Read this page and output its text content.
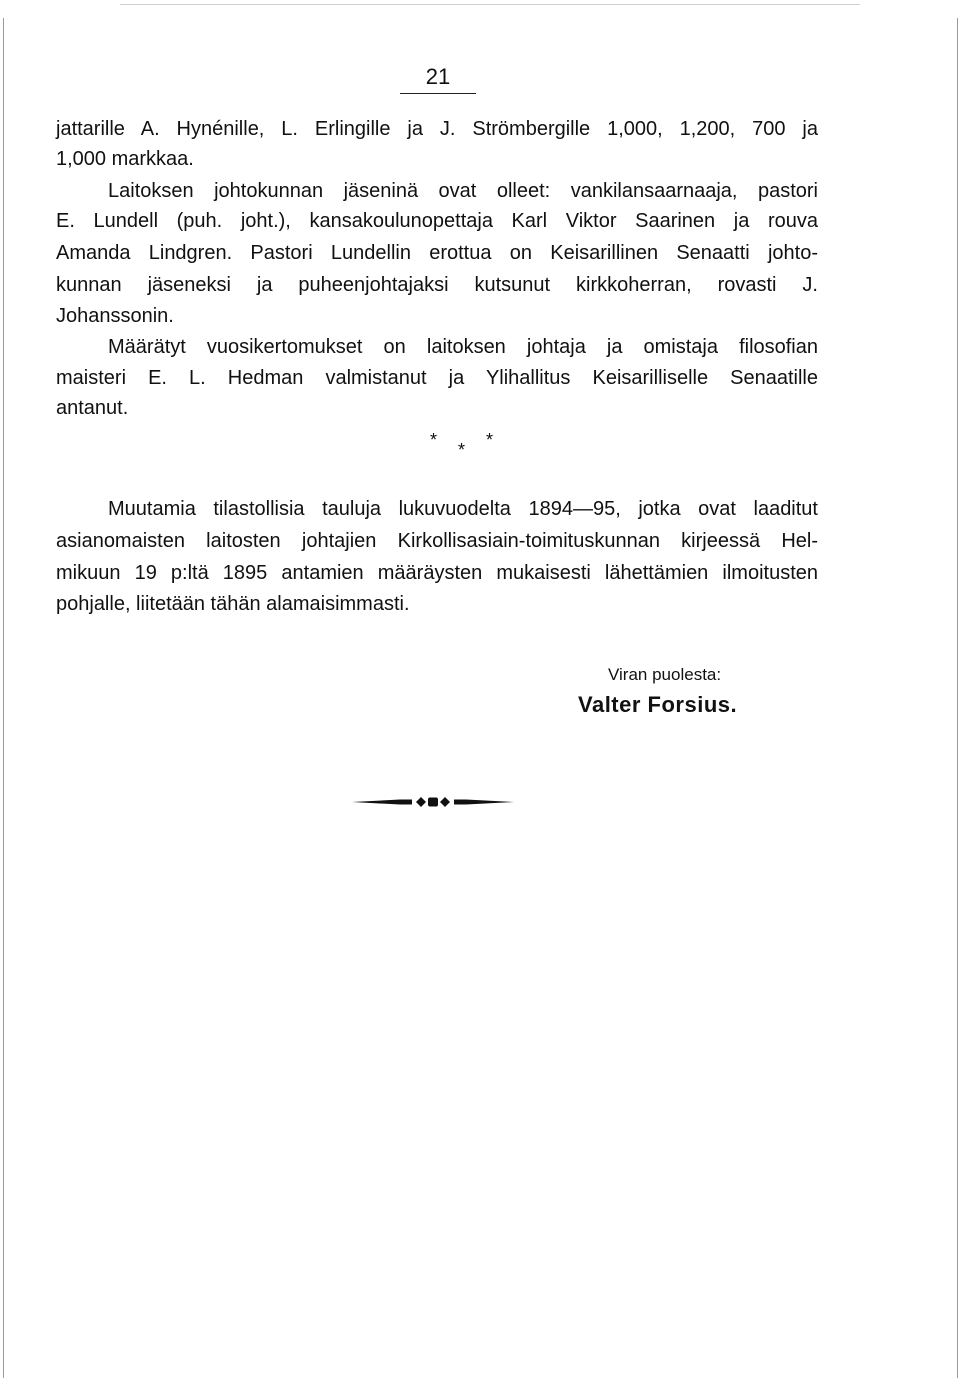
21
jattarille A. Hynénille, L. Erlingille ja J. Strömbergille 1,000, 1,200, 700 ja
1,000 markkaa.
Laitoksen johtokunnan jäseninä ovat olleet: vankilansaarnaaja, pastori
E. Lundell (puh. joht.), kansakoulunopettaja Karl Viktor Saarinen ja rouva
Amanda Lindgren. Pastori Lundellin erottua on Keisarillinen Senaatti johto-
kunnan jäseneksi ja puheenjohtajaksi kutsunut kirkkoherran, rovasti J.
Johanssonin.
Määrätyt vuosikertomukset on laitoksen johtaja ja omistaja filosofian
maisteri E. L. Hedman valmistanut ja Ylihallitus Keisarilliselle Senaatille
antanut.
* * *
Muutamia tilastollisia tauluja lukuvuodelta 1894—95, jotka ovat laaditut
asianomaisten laitosten johtajien Kirkollisasiain-toimituskunnan kirjeessä Hel-
mikuun 19 p:ltä 1895 antamien määräysten mukaisesti lähettämien ilmoitusten
pohjalle, liitetään tähän alamaisimmasti.
Viran puolesta:
Valter Forsius.
